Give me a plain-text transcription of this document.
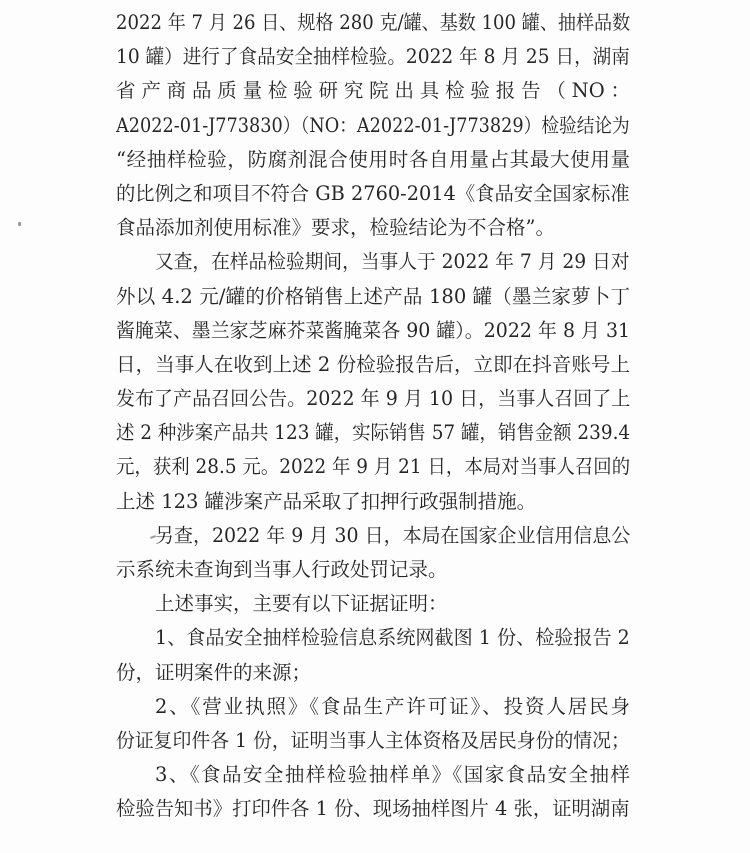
2022 年 7 月 26 日、规格 280 克/罐、基数 100 罐、抽样品数
10 罐）进行了食品安全抽样检验。2022 年 8 月 25 日，湖南
省产商品质量检验研究院出具检验报告（NO：
A2022-01-J773830）（NO：A2022-01-J773829）检验结论为
“经抽样检验，防腐剂混合使用时各自用量占其最大使用量
的比例之和项目不符合 GB 2760-2014《食品安全国家标准
食品添加剂使用标准》要求，检验结论为不合格”。
又查，在样品检验期间，当事人于 2022 年 7 月 29 日对
外以 4.2 元/罐的价格销售上述产品 180 罐（墨兰家萝卜丁
酱腌菜、墨兰家芝麻芥菜酱腌菜各 90 罐）。2022 年 8 月 31
日，当事人在收到上述 2 份检验报告后，立即在抖音账号上
发布了产品召回公告。2022 年 9 月 10 日，当事人召回了上
述 2 种涉案产品共 123 罐，实际销售 57 罐，销售金额 239.4
元，获利 28.5 元。2022 年 9 月 21 日，本局对当事人召回的
上述 123 罐涉案产品采取了扣押行政强制措施。
另查，2022 年 9 月 30 日，本局在国家企业信用信息公
示系统未查询到当事人行政处罚记录。
上述事实，主要有以下证据证明：
1、食品安全抽样检验信息系统网截图 1 份、检验报告 2
份，证明案件的来源；
2、《营业执照》《食品生产许可证》、投资人居民身
份证复印件各 1 份，证明当事人主体资格及居民身份的情况；
3、《食品安全抽样检验抽样单》《国家食品安全抽样
检验告知书》打印件各 1 份、现场抽样图片 4 张，证明湖南
